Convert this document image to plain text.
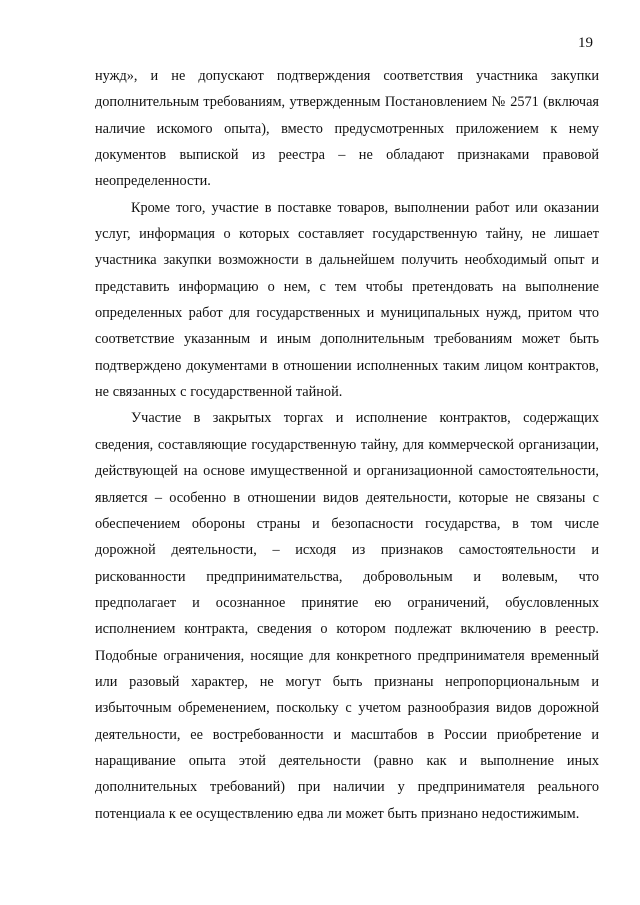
19

нужд», и не допускают подтверждения соответствия участника закупки дополнительным требованиям, утвержденным Постановлением № 2571 (включая наличие искомого опыта), вместо предусмотренных приложением к нему документов выпиской из реестра – не обладают признаками правовой неопределенности.

Кроме того, участие в поставке товаров, выполнении работ или оказании услуг, информация о которых составляет государственную тайну, не лишает участника закупки возможности в дальнейшем получить необходимый опыт и представить информацию о нем, с тем чтобы претендовать на выполнение определенных работ для государственных и муниципальных нужд, притом что соответствие указанным и иным дополнительным требованиям может быть подтверждено документами в отношении исполненных таким лицом контрактов, не связанных с государственной тайной.

Участие в закрытых торгах и исполнение контрактов, содержащих сведения, составляющие государственную тайну, для коммерческой организации, действующей на основе имущественной и организационной самостоятельности, является – особенно в отношении видов деятельности, которые не связаны с обеспечением обороны страны и безопасности государства, в том числе дорожной деятельности, – исходя из признаков самостоятельности и рискованности предпринимательства, добровольным и волевым, что предполагает и осознанное принятие ею ограничений, обусловленных исполнением контракта, сведения о котором подлежат включению в реестр. Подобные ограничения, носящие для конкретного предпринимателя временный или разовый характер, не могут быть признаны непропорциональным и избыточным обременением, поскольку с учетом разнообразия видов дорожной деятельности, ее востребованности и масштабов в России приобретение и наращивание опыта этой деятельности (равно как и выполнение иных дополнительных требований) при наличии у предпринимателя реального потенциала к ее осуществлению едва ли может быть признано недостижимым.
